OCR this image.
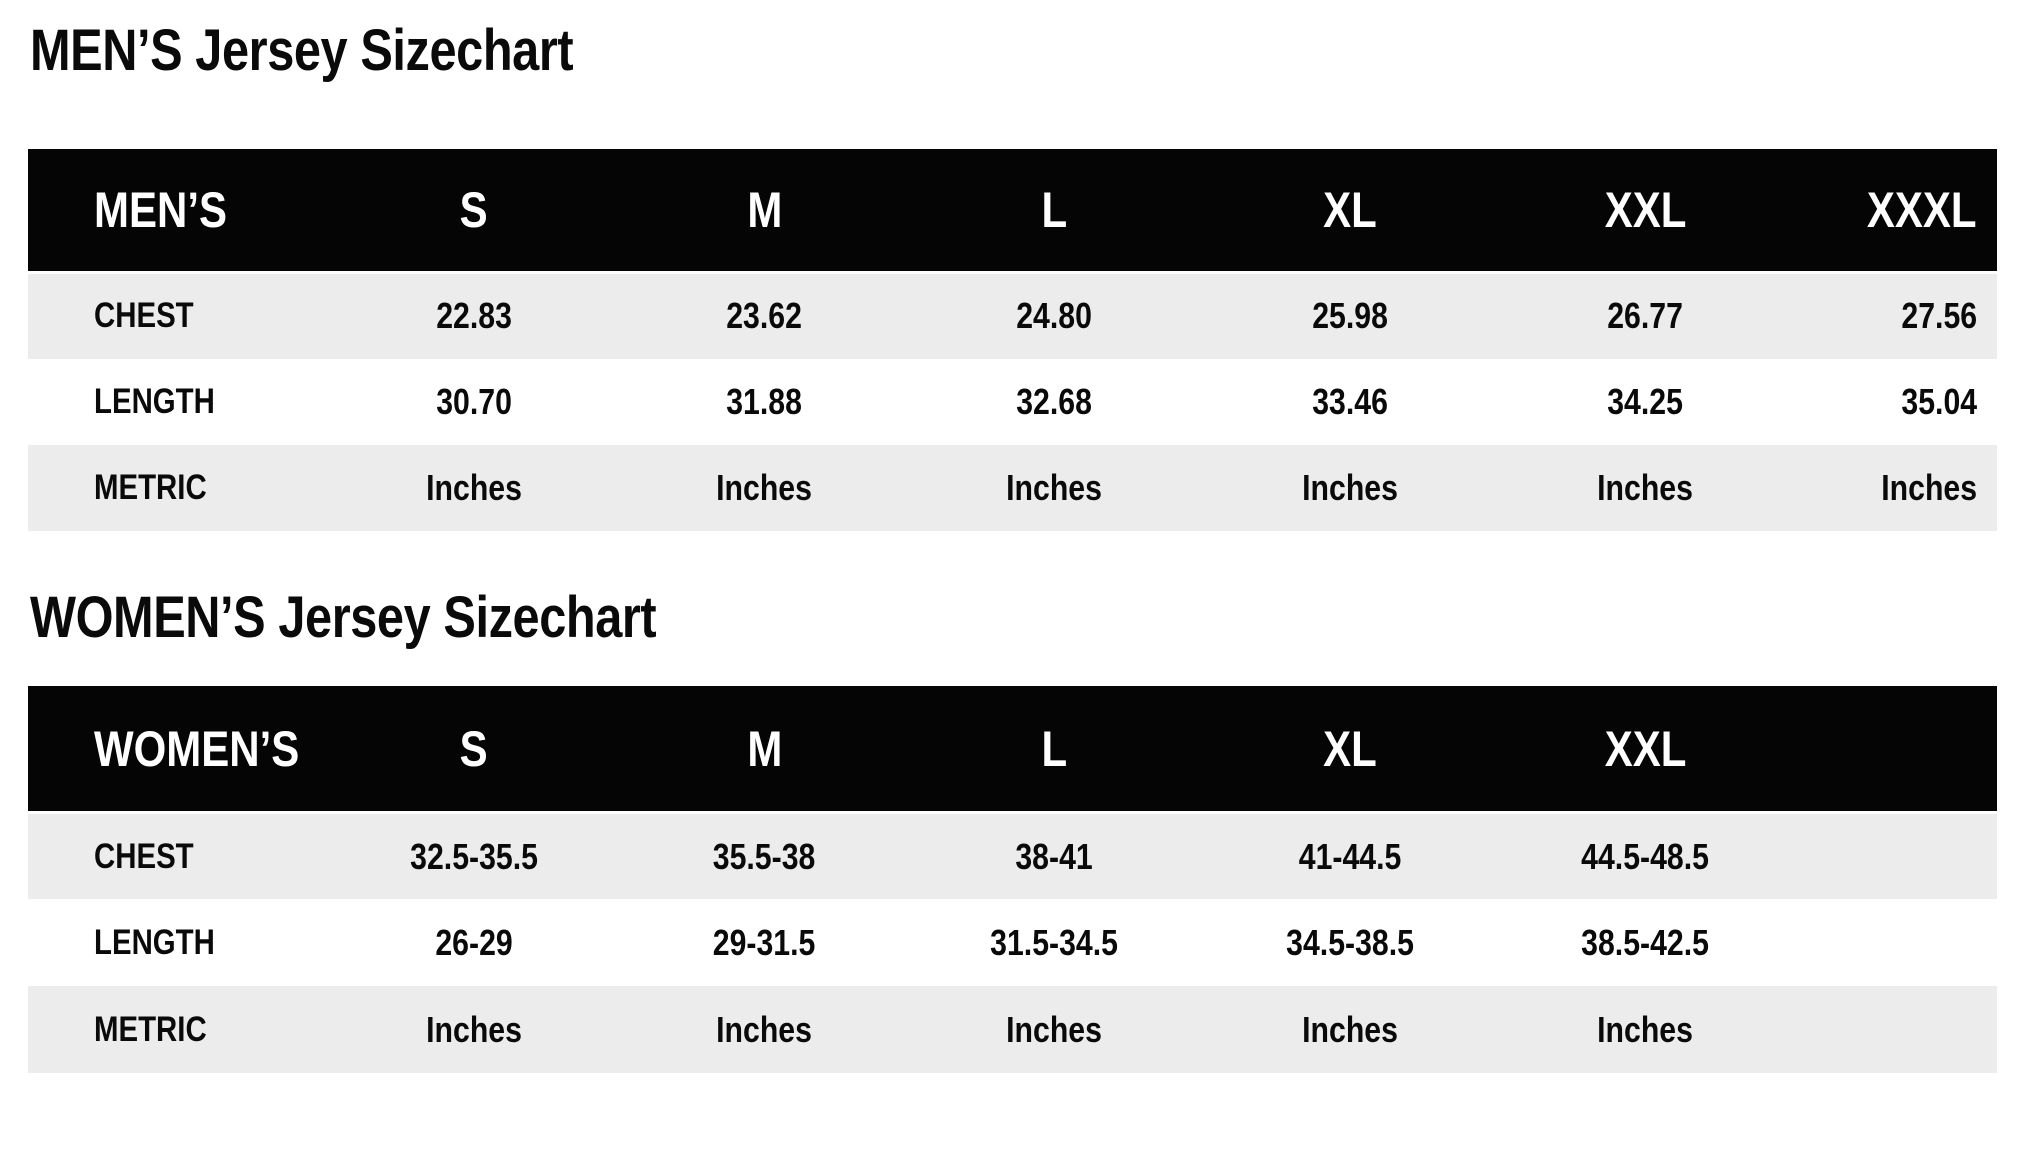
MEN’S Jersey Sizechart
MEN’S	S	M	L	XL	XXL	XXXL
CHEST	22.83	23.62	24.80	25.98	26.77	27.56
LENGTH	30.70	31.88	32.68	33.46	34.25	35.04
METRIC	Inches	Inches	Inches	Inches	Inches	Inches
WOMEN’S Jersey Sizechart
WOMEN’S	S	M	L	XL	XXL	
CHEST	32.5-35.5	35.5-38	38-41	41-44.5	44.5-48.5	
LENGTH	26-29	29-31.5	31.5-34.5	34.5-38.5	38.5-42.5	
METRIC	Inches	Inches	Inches	Inches	Inches	
